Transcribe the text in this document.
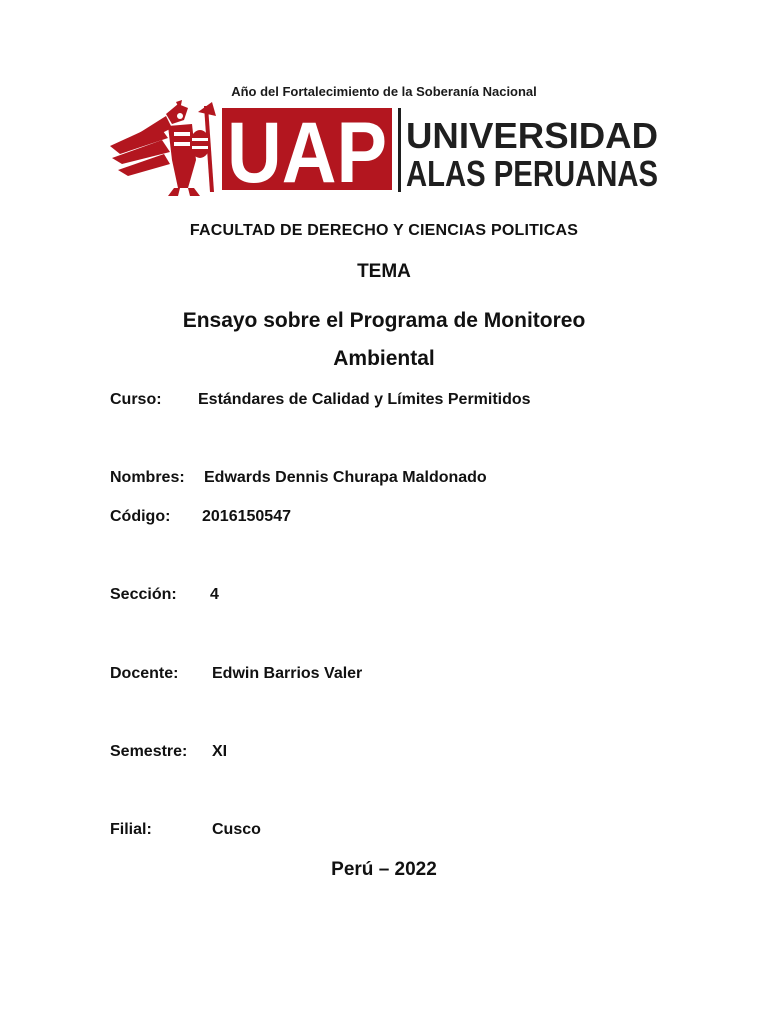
Año del Fortalecimiento de la Soberanía Nacional
UAP UNIVERSIDAD
ALAS PERUANAS
FACULTAD DE DERECHO Y CIENCIAS POLITICAS
TEMA
Ensayo sobre el Programa de Monitoreo Ambiental
Curso: Estándares de Calidad y Límites Permitidos
Nombres: Edwards Dennis Churapa Maldonado
Código: 2016150547
Sección: 4
Docente: Edwin Barrios Valer
Semestre: XI
Filial:	Cusco
Perú – 2022
